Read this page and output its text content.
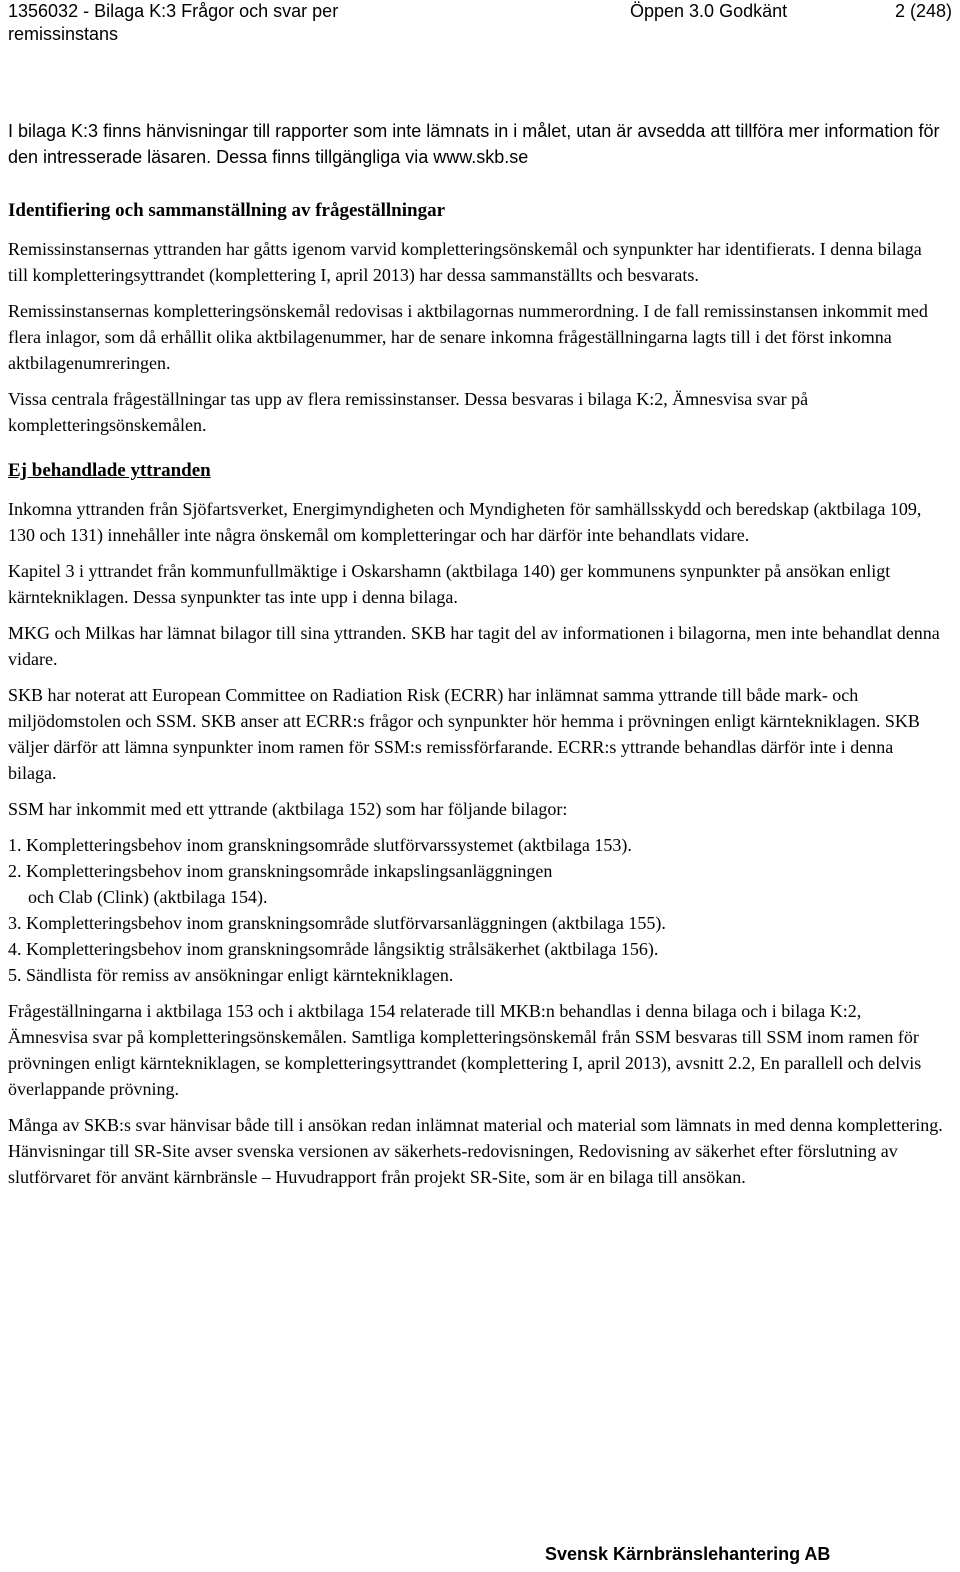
1356032 - Bilaga K:3 Frågor och svar per remissinstans
Öppen 3.0 Godkänt	2 (248)

I bilaga K:3 finns hänvisningar till rapporter som inte lämnats in i målet, utan är avsedda att tillföra mer information för den intresserade läsaren. Dessa finns tillgängliga via www.skb.se

Identifiering och sammanställning av frågeställningar

Remissinstansernas yttranden har gåtts igenom varvid kompletteringsönskemål och synpunkter har identifierats. I denna bilaga till kompletteringsyttrandet (komplettering I, april 2013) har dessa sammanställts och besvarats.

Remissinstansernas kompletteringsönskemål redovisas i aktbilagornas nummerordning. I de fall remissinstansen inkommit med flera inlagor, som då erhållit olika aktbilagenummer, har de senare inkomna frågeställningarna lagts till i det först inkomna aktbilagenumreringen.

Vissa centrala frågeställningar tas upp av flera remissinstanser. Dessa besvaras i bilaga K:2, Ämnesvisa svar på kompletteringsönskemålen.

Ej behandlade yttranden

Inkomna yttranden från Sjöfartsverket, Energimyndigheten och Myndigheten för samhällsskydd och beredskap (aktbilaga 109, 130 och 131) innehåller inte några önskemål om kompletteringar och har därför inte behandlats vidare.

Kapitel 3 i yttrandet från kommunfullmäktige i Oskarshamn (aktbilaga 140) ger kommunens synpunkter på ansökan enligt kärntekniklagen. Dessa synpunkter tas inte upp i denna bilaga.

MKG och Milkas har lämnat bilagor till sina yttranden. SKB har tagit del av informationen i bilagorna, men inte behandlat denna vidare.

SKB har noterat att European Committee on Radiation Risk (ECRR) har inlämnat samma yttrande till både mark- och miljödomstolen och SSM. SKB anser att ECRR:s frågor och synpunkter hör hemma i prövningen enligt kärntekniklagen. SKB väljer därför att lämna synpunkter inom ramen för SSM:s remissförfarande. ECRR:s yttrande behandlas därför inte i denna bilaga.

SSM har inkommit med ett yttrande (aktbilaga 152) som har följande bilagor:

1. Kompletteringsbehov inom granskningsområde slutförvarssystemet (aktbilaga 153).
2. Kompletteringsbehov inom granskningsområde inkapslingsanläggningen
och Clab (Clink) (aktbilaga 154).
3. Kompletteringsbehov inom granskningsområde slutförvarsanläggningen (aktbilaga 155).
4. Kompletteringsbehov inom granskningsområde långsiktig strålsäkerhet (aktbilaga 156).
5. Sändlista för remiss av ansökningar enligt kärntekniklagen.

Frågeställningarna i aktbilaga 153 och i aktbilaga 154 relaterade till MKB:n behandlas i denna bilaga och i bilaga K:2, Ämnesvisa svar på kompletteringsönskemålen. Samtliga kompletteringsönskemål från SSM besvaras till SSM inom ramen för prövningen enligt kärntekniklagen, se kompletteringsyttrandet (komplettering I, april 2013), avsnitt 2.2, En parallell och delvis överlappande prövning.

Många av SKB:s svar hänvisar både till i ansökan redan inlämnat material och material som lämnats in med denna komplettering. Hänvisningar till SR-Site avser svenska versionen av säkerhets-redovisningen, Redovisning av säkerhet efter förslutning av slutförvaret för använt kärnbränsle – Huvudrapport från projekt SR-Site, som är en bilaga till ansökan.

Svensk Kärnbränslehantering AB
